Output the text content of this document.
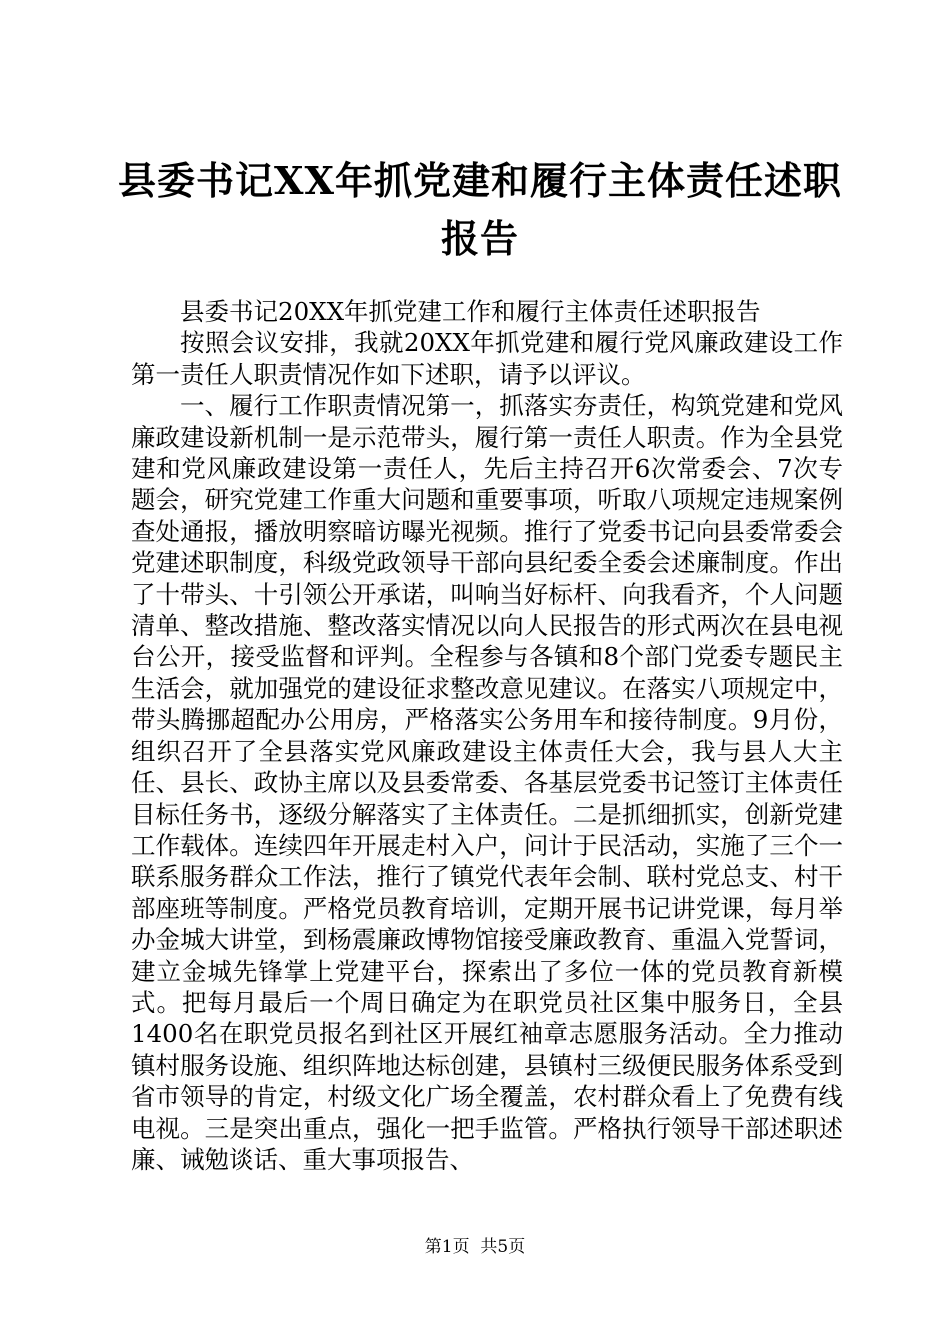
县委书记XX年抓党建和履行主体责任述职报告

县委书记20XX年抓党建工作和履行主体责任述职报告

按照会议安排，我就20XX年抓党建和履行党风廉政建设工作第一责任人职责情况作如下述职，请予以评议。

一、履行工作职责情况第一，抓落实夯责任，构筑党建和党风廉政建设新机制一是示范带头，履行第一责任人职责。作为全县党建和党风廉政建设第一责任人，先后主持召开6次常委会、7次专题会，研究党建工作重大问题和重要事项，听取八项规定违规案例查处通报，播放明察暗访曝光视频。推行了党委书记向县委常委会党建述职制度，科级党政领导干部向县纪委全委会述廉制度。作出了十带头、十引领公开承诺，叫响当好标杆、向我看齐，个人问题清单、整改措施、整改落实情况以向人民报告的形式两次在县电视台公开，接受监督和评判。全程参与各镇和8个部门党委专题民主生活会，就加强党的建设征求整改意见建议。在落实八项规定中，带头腾挪超配办公用房，严格落实公务用车和接待制度。9月份，组织召开了全县落实党风廉政建设主体责任大会，我与县人大主任、县长、政协主席以及县委常委、各基层党委书记签订主体责任目标任务书，逐级分解落实了主体责任。二是抓细抓实，创新党建工作载体。连续四年开展走村入户，问计于民活动，实施了三个一联系服务群众工作法，推行了镇党代表年会制、联村党总支、村干部座班等制度。严格党员教育培训，定期开展书记讲党课，每月举办金城大讲堂，到杨震廉政博物馆接受廉政教育、重温入党誓词，建立金城先锋掌上党建平台，探索出了多位一体的党员教育新模式。把每月最后一个周日确定为在职党员社区集中服务日，全县1400名在职党员报名到社区开展红袖章志愿服务活动。全力推动镇村服务设施、组织阵地达标创建，县镇村三级便民服务体系受到省市领导的肯定，村级文化广场全覆盖，农村群众看上了免费有线电视。三是突出重点，强化一把手监管。严格执行领导干部述职述廉、诫勉谈话、重大事项报告、

第1页 共5页
